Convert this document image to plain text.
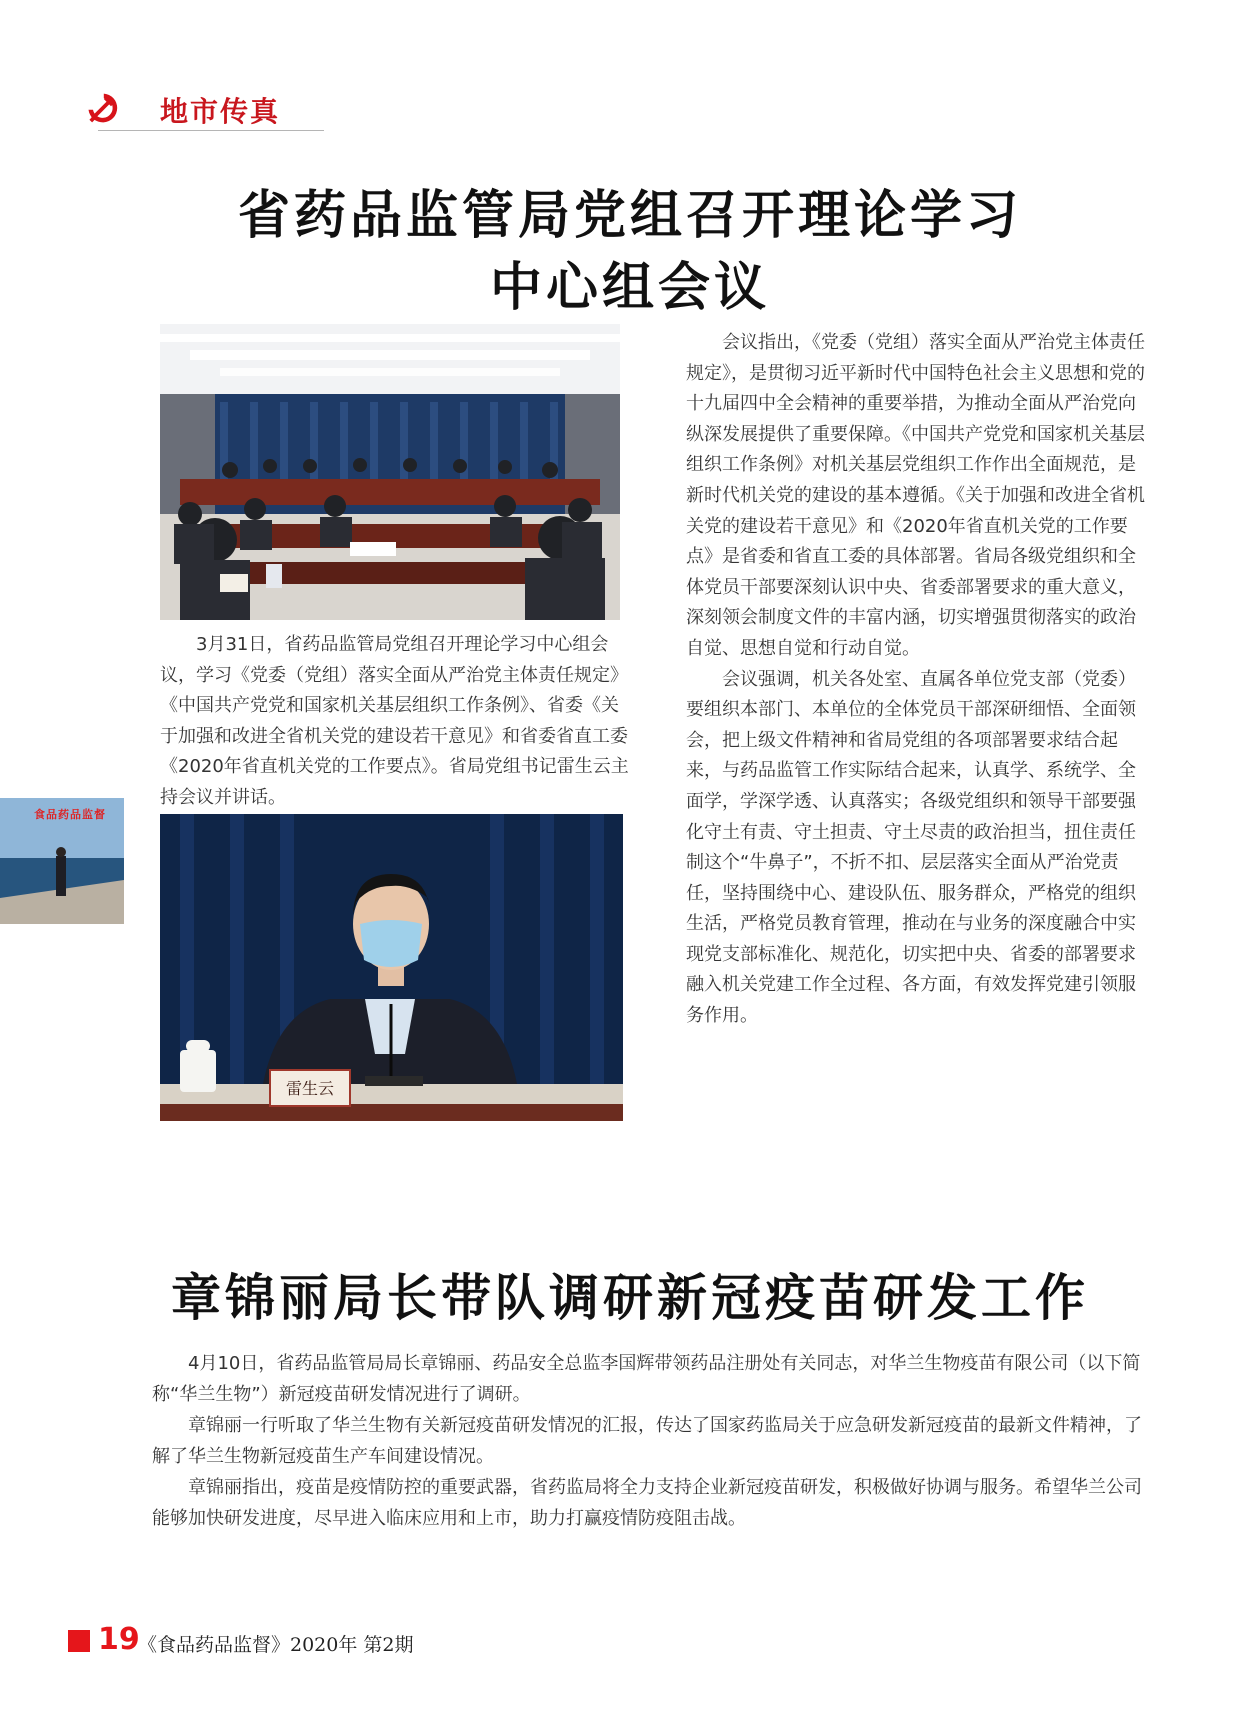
地市传真
省药品监管局党组召开理论学习
中心组会议

3月31日，省药品监管局党组召开理论学习中心组会议，学习《党委（党组）落实全面从严治党主体责任规定》《中国共产党党和国家机关基层组织工作条例》、省委《关于加强和改进全省机关党的建设若干意见》和省委省直工委《2020年省直机关党的工作要点》。省局党组书记雷生云主持会议并讲话。

雷生云

会议指出，《党委（党组）落实全面从严治党主体责任规定》，是贯彻习近平新时代中国特色社会主义思想和党的十九届四中全会精神的重要举措，为推动全面从严治党向纵深发展提供了重要保障。《中国共产党党和国家机关基层组织工作条例》对机关基层党组织工作作出全面规范，是新时代机关党的建设的基本遵循。《关于加强和改进全省机关党的建设若干意见》和《2020年省直机关党的工作要点》是省委和省直工委的具体部署。省局各级党组织和全体党员干部要深刻认识中央、省委部署要求的重大意义，深刻领会制度文件的丰富内涵，切实增强贯彻落实的政治自觉、思想自觉和行动自觉。

会议强调，机关各处室、直属各单位党支部（党委）要组织本部门、本单位的全体党员干部深研细悟、全面领会，把上级文件精神和省局党组的各项部署要求结合起来，与药品监管工作实际结合起来，认真学、系统学、全面学，学深学透、认真落实；各级党组织和领导干部要强化守土有责、守土担责、守土尽责的政治担当，扭住责任制这个“牛鼻子”，不折不扣、层层落实全面从严治党责任，坚持围绕中心、建设队伍、服务群众，严格党的组织生活，严格党员教育管理，推动在与业务的深度融合中实现党支部标准化、规范化，切实把中央、省委的部署要求融入机关党建工作全过程、各方面，有效发挥党建引领服务作用。

食品药品监督
章锦丽局长带队调研新冠疫苗研发工作

4月10日，省药品监管局局长章锦丽、药品安全总监李国辉带领药品注册处有关同志，对华兰生物疫苗有限公司（以下简称“华兰生物”）新冠疫苗研发情况进行了调研。

章锦丽一行听取了华兰生物有关新冠疫苗研发情况的汇报，传达了国家药监局关于应急研发新冠疫苗的最新文件精神，了解了华兰生物新冠疫苗生产车间建设情况。

章锦丽指出，疫苗是疫情防控的重要武器，省药监局将全力支持企业新冠疫苗研发，积极做好协调与服务。希望华兰公司能够加快研发进度，尽早进入临床应用和上市，助力打赢疫情防疫阻击战。

19
《食品药品监督》2020年 第2期
